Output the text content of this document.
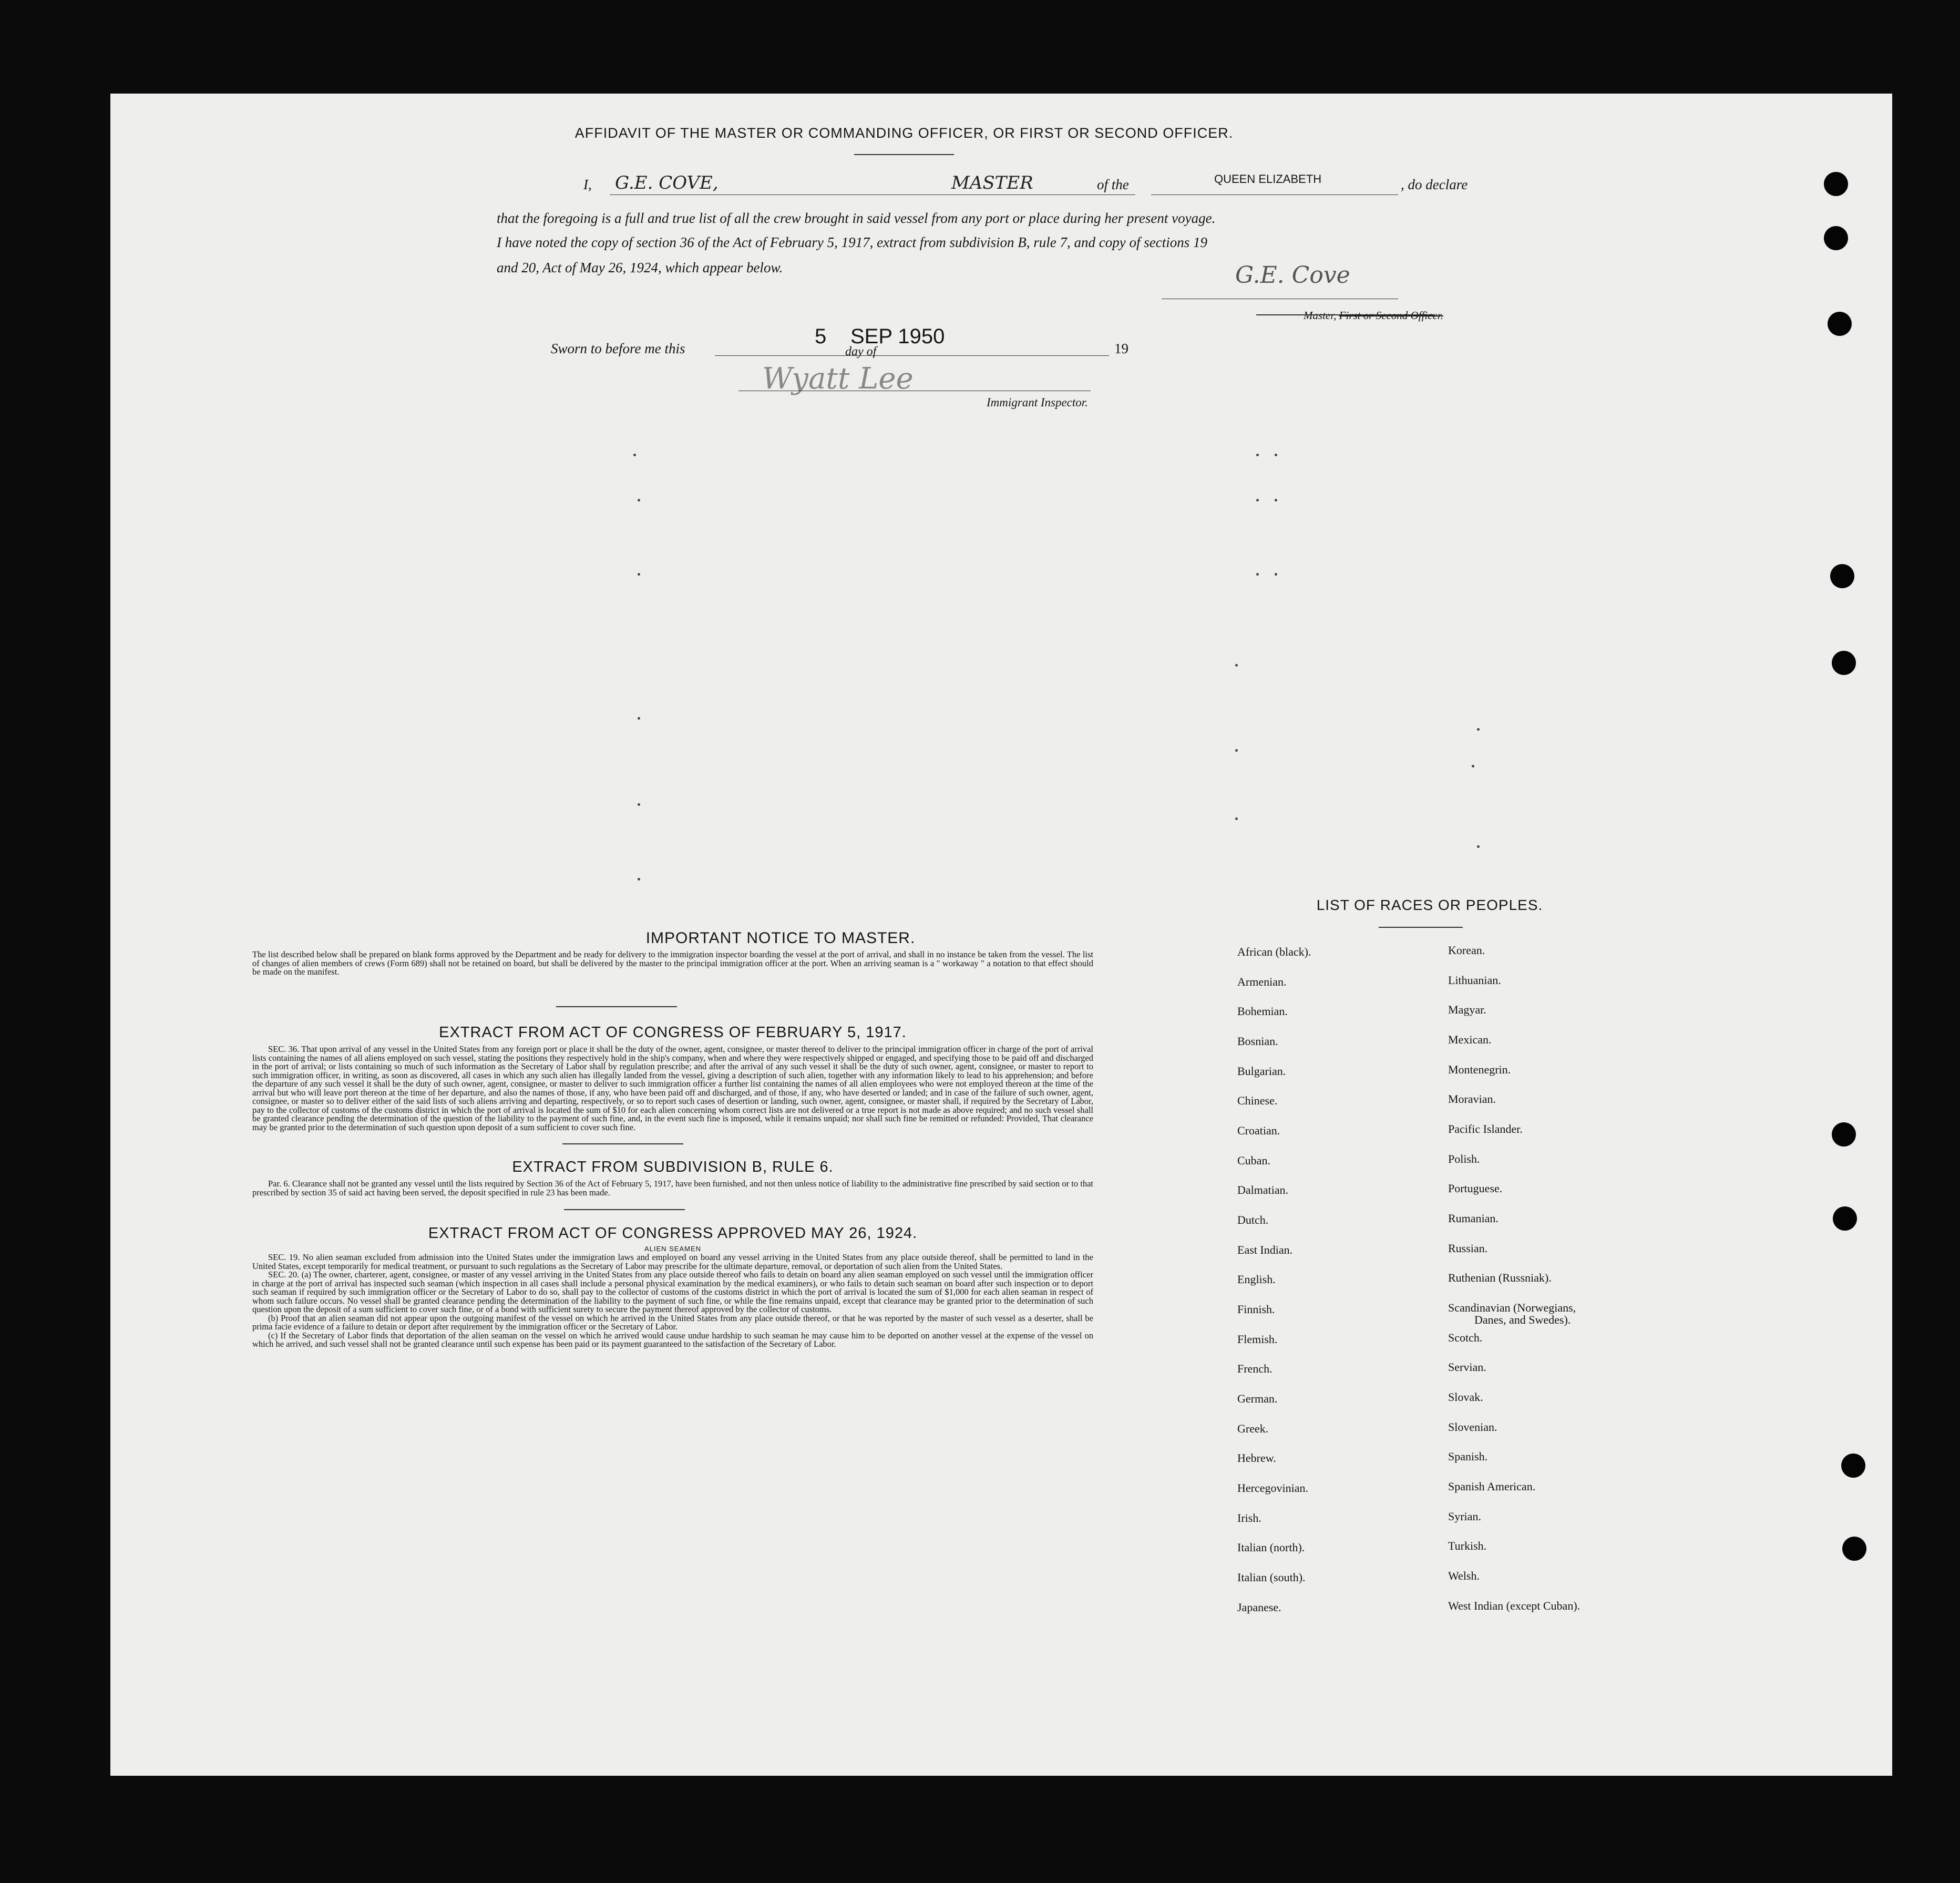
AFFIDAVIT OF THE MASTER OR COMMANDING OFFICER, OR FIRST OR SECOND OFFICER.
I, G.E. COVE,	MASTER	of the	QUEEN ELIZABETH	, do declare
that the foregoing is a full and true list of all the crew brought in said vessel from any port or place during her present voyage.
I have noted the copy of section 36 of the Act of February 5, 1917, extract from subdivision B, rule 7, and copy of sections 19
and 20, Act of May 26, 1924, which appear below.	G.E. Cove
Master, First or Second Officer.
Sworn to before me this
5
day of
SEP 1950
19
Wyatt Lee
Immigrant Inspector.
IMPORTANT NOTICE TO MASTER.
The list described below shall be prepared on blank forms approved by the Department and be ready for delivery to the immigration inspector boarding the vessel at the port of arrival, and shall in no instance be taken from the vessel. The list of changes of alien members of crews (Form 689) shall not be retained on board, but shall be delivered by the master to the principal immigration officer at the port. When an arriving seaman is a " workaway " a notation to that effect should be made on the manifest.
EXTRACT FROM ACT OF CONGRESS OF FEBRUARY 5, 1917.
SEC. 36. That upon arrival of any vessel in the United States from any foreign port or place it shall be the duty of the owner, agent, consignee, or master thereof to deliver to the principal immigration officer in charge of the port of arrival lists containing the names of all aliens employed on such vessel, stating the positions they respectively hold in the ship's company, when and where they were respectively shipped or engaged, and specifying those to be paid off and discharged in the port of arrival; or lists containing so much of such information as the Secretary of Labor shall by regulation prescribe; and after the arrival of any such vessel it shall be the duty of such owner, agent, consignee, or master to report to such immigration officer, in writing, as soon as discovered, all cases in which any such alien has illegally landed from the vessel, giving a description of such alien, together with any information likely to lead to his apprehension; and before the departure of any such vessel it shall be the duty of such owner, agent, consignee, or master to deliver to such immigration officer a further list containing the names of all alien employees who were not employed thereon at the time of the arrival but who will leave port thereon at the time of her departure, and also the names of those, if any, who have been paid off and discharged, and of those, if any, who have deserted or landed; and in case of the failure of such owner, agent, consignee, or master so to deliver either of the said lists of such aliens arriving and departing, respectively, or so to report such cases of desertion or landing, such owner, agent, consignee, or master shall, if required by the Secretary of Labor, pay to the collector of customs of the customs district in which the port of arrival is located the sum of $10 for each alien concerning whom correct lists are not delivered or a true report is not made as above required; and no such vessel shall be granted clearance pending the determination of the question of the liability to the payment of such fine, and, in the event such fine is imposed, while it remains unpaid; nor shall such fine be remitted or refunded: Provided, That clearance may be granted prior to the determination of such question upon deposit of a sum sufficient to cover such fine.
EXTRACT FROM SUBDIVISION B, RULE 6.
Par. 6. Clearance shall not be granted any vessel until the lists required by Section 36 of the Act of February 5, 1917, have been furnished, and not then unless notice of liability to the administrative fine prescribed by said section or to that prescribed by section 35 of said act having been served, the deposit specified in rule 23 has been made.
EXTRACT FROM ACT OF CONGRESS APPROVED MAY 26, 1924.
ALIEN SEAMEN

SEC. 19. No alien seaman excluded from admission into the United States under the immigration laws and employed on board any vessel arriving in the United States from any place outside thereof, shall be permitted to land in the United States, except temporarily for medical treatment, or pursuant to such regulations as the Secretary of Labor may prescribe for the ultimate departure, removal, or deportation of such alien from the United States.

SEC. 20. (a) The owner, charterer, agent, consignee, or master of any vessel arriving in the United States from any place outside thereof who fails to detain on board any alien seaman employed on such vessel until the immigration officer in charge at the port of arrival has inspected such seaman (which inspection in all cases shall include a personal physical examination by the medical examiners), or who fails to detain such seaman on board after such inspection or to deport such seaman if required by such immigration officer or the Secretary of Labor to do so, shall pay to the collector of customs of the customs district in which the port of arrival is located the sum of $1,000 for each alien seaman in respect of whom such failure occurs. No vessel shall be granted clearance pending the determination of the liability to the payment of such fine, or while the fine remains unpaid, except that clearance may be granted prior to the determination of such question upon the deposit of a sum sufficient to cover such fine, or of a bond with sufficient surety to secure the payment thereof approved by the collector of customs.

(b) Proof that an alien seaman did not appear upon the outgoing manifest of the vessel on which he arrived in the United States from any place outside thereof, or that he was reported by the master of such vessel as a deserter, shall be prima facie evidence of a failure to detain or deport after requirement by the immigration officer or the Secretary of Labor.

(c) If the Secretary of Labor finds that deportation of the alien seaman on the vessel on which he arrived would cause undue hardship to such seaman he may cause him to be deported on another vessel at the expense of the vessel on which he arrived, and such vessel shall not be granted clearance until such expense has been paid or its payment guaranteed to the satisfaction of the Secretary of Labor.

LIST OF RACES OR PEOPLES.
African (black).
Armenian.
Bohemian.
Bosnian.
Bulgarian.
Chinese.
Croatian.
Cuban.
Dalmatian.
Dutch.
East Indian.
English.
Finnish.
Flemish.
French.
German.
Greek.
Hebrew.
Hercegovinian.
Irish.
Italian (north).
Italian (south).
Japanese.
Korean.
Lithuanian.
Magyar.
Mexican.
Montenegrin.
Moravian.
Pacific Islander.
Polish.
Portuguese.
Rumanian.
Russian.
Ruthenian (Russniak).
Scandinavian (Norwegians,
Danes, and Swedes).
Scotch.
Servian.
Slovak.
Slovenian.
Spanish.
Spanish American.
Syrian.
Turkish.
Welsh.
West Indian (except Cuban).
